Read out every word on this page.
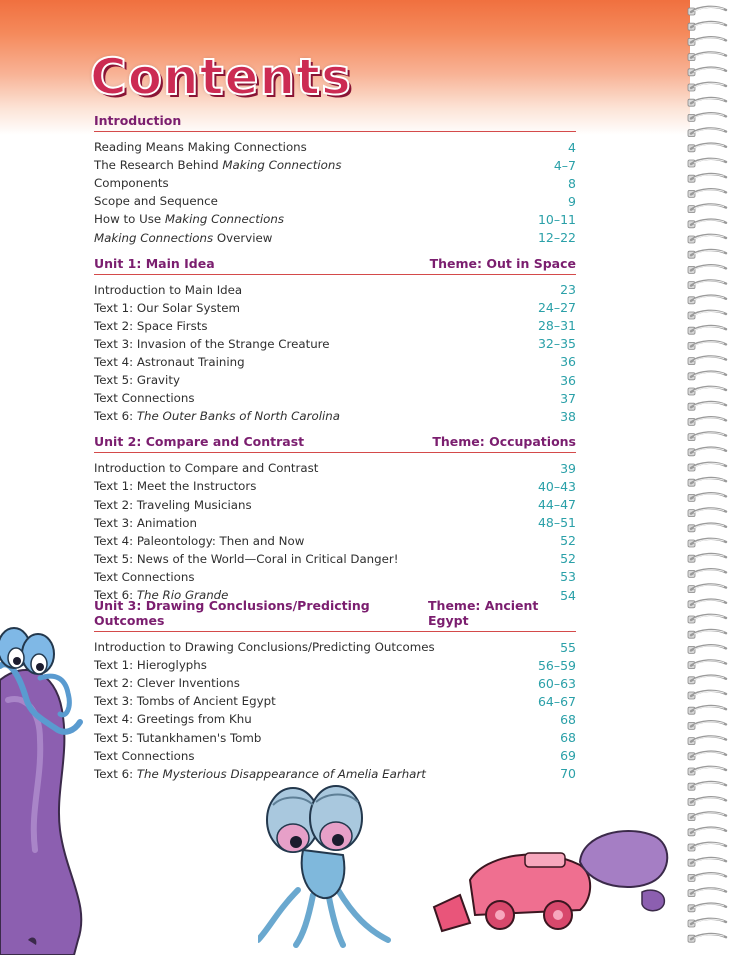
Contents
Introduction
Reading Means Making Connections	4
The Research Behind Making Connections	4–7
Components	8
Scope and Sequence	9
How to Use Making Connections	10–11
Making Connections Overview	12–22
Unit 1: Main Idea	Theme: Out in Space
Introduction to Main Idea	23
Text 1: Our Solar System	24–27
Text 2: Space Firsts	28–31
Text 3: Invasion of the Strange Creature	32–35
Text 4: Astronaut Training	36
Text 5: Gravity	36
Text Connections	37
Text 6: The Outer Banks of North Carolina	38
Unit 2: Compare and Contrast	Theme: Occupations
Introduction to Compare and Contrast	39
Text 1: Meet the Instructors	40–43
Text 2: Traveling Musicians	44–47
Text 3: Animation	48–51
Text 4: Paleontology: Then and Now	52
Text 5: News of the World—Coral in Critical Danger!	52
Text Connections	53
Text 6: The Rio Grande	54
Unit 3: Drawing Conclusions/Predicting Outcomes
Theme: Ancient Egypt
Introduction to Drawing Conclusions/Predicting Outcomes	55
Text 1: Hieroglyphs	56–59
Text 2: Clever Inventions	60–63
Text 3: Tombs of Ancient Egypt	64–67
Text 4: Greetings from Khu	68
Text 5: Tutankhamen's Tomb	68
Text Connections	69
Text 6: The Mysterious Disappearance of Amelia Earhart	70
